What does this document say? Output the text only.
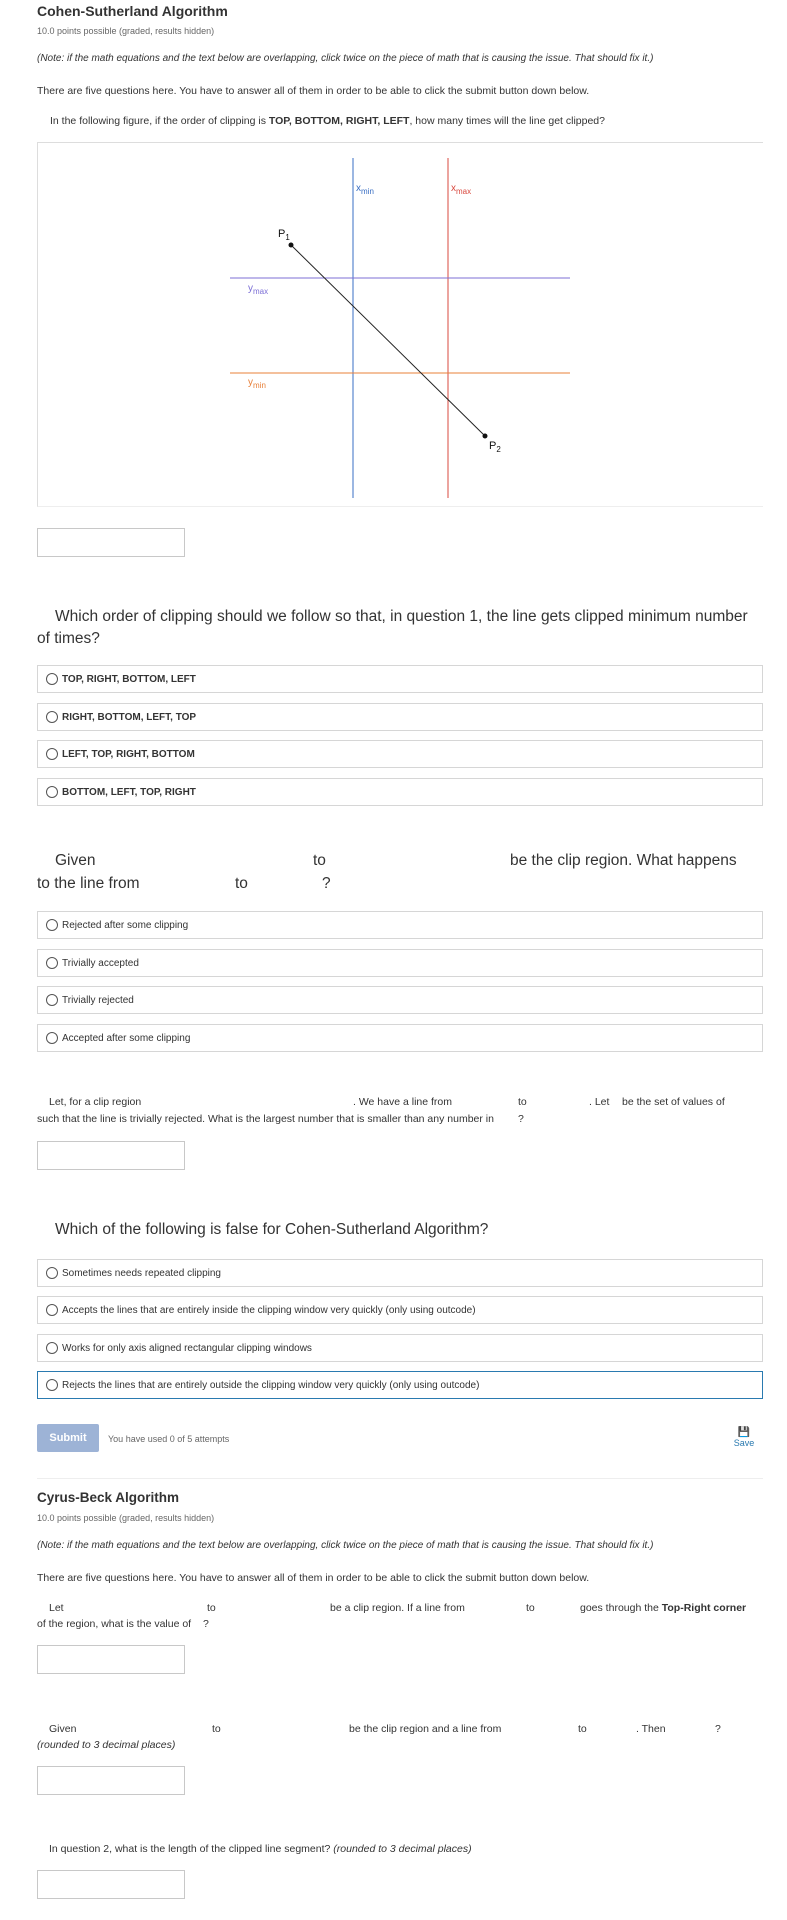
Cohen-Sutherland Algorithm
10.0 points possible (graded, results hidden)
(Note: if the math equations and the text below are overlapping, click twice on the piece of math that is causing the issue. That should fix it.)
There are five questions here. You have to answer all of them in order to be able to click the submit button down below.
In the following figure, if the order of clipping is TOP, BOTTOM, RIGHT, LEFT, how many times will the line get clipped?
$x_{min}$	$x_{max}$
$y_{max}$
$y_{min}$
$P_1$
$P_2$
Which order of clipping should we follow so that, in question 1, the line gets clipped minimum number of times?
TOP, RIGHT, BOTTOM, LEFT
RIGHT, BOTTOM, LEFT, TOP
LEFT, TOP, RIGHT, BOTTOM
BOTTOM, LEFT, TOP, RIGHT
Given	to	be the clip region. What happens
to the line from	to	?
Rejected after some clipping
Trivially accepted
Trivially rejected
Accepted after some clipping
Let, for a clip region	. We have a line from	to	. Let be the set of values of
such that the line is trivially rejected. What is the largest number that is smaller than any number in ?
Which of the following is false for Cohen-Sutherland Algorithm?
Sometimes needs repeated clipping
Accepts the lines that are entirely inside the clipping window very quickly (only using outcode)
Works for only axis aligned rectangular clipping windows
Rejects the lines that are entirely outside the clipping window very quickly (only using outcode)
Submit	You have used 0 of 5 attempts
💾
Save
Cyrus-Beck Algorithm
10.0 points possible (graded, results hidden)
(Note: if the math equations and the text below are overlapping, click twice on the piece of math that is causing the issue. That should fix it.)
There are five questions here. You have to answer all of them in order to be able to click the submit button down below.
Let	to	be a clip region. If a line from	to	goes through the Top-Right corner
of the region, what is the value of ?
Given	to	be the clip region and a line from	to	. Then	?
(rounded to 3 decimal places)
In question 2, what is the length of the clipped line segment? (rounded to 3 decimal places)
